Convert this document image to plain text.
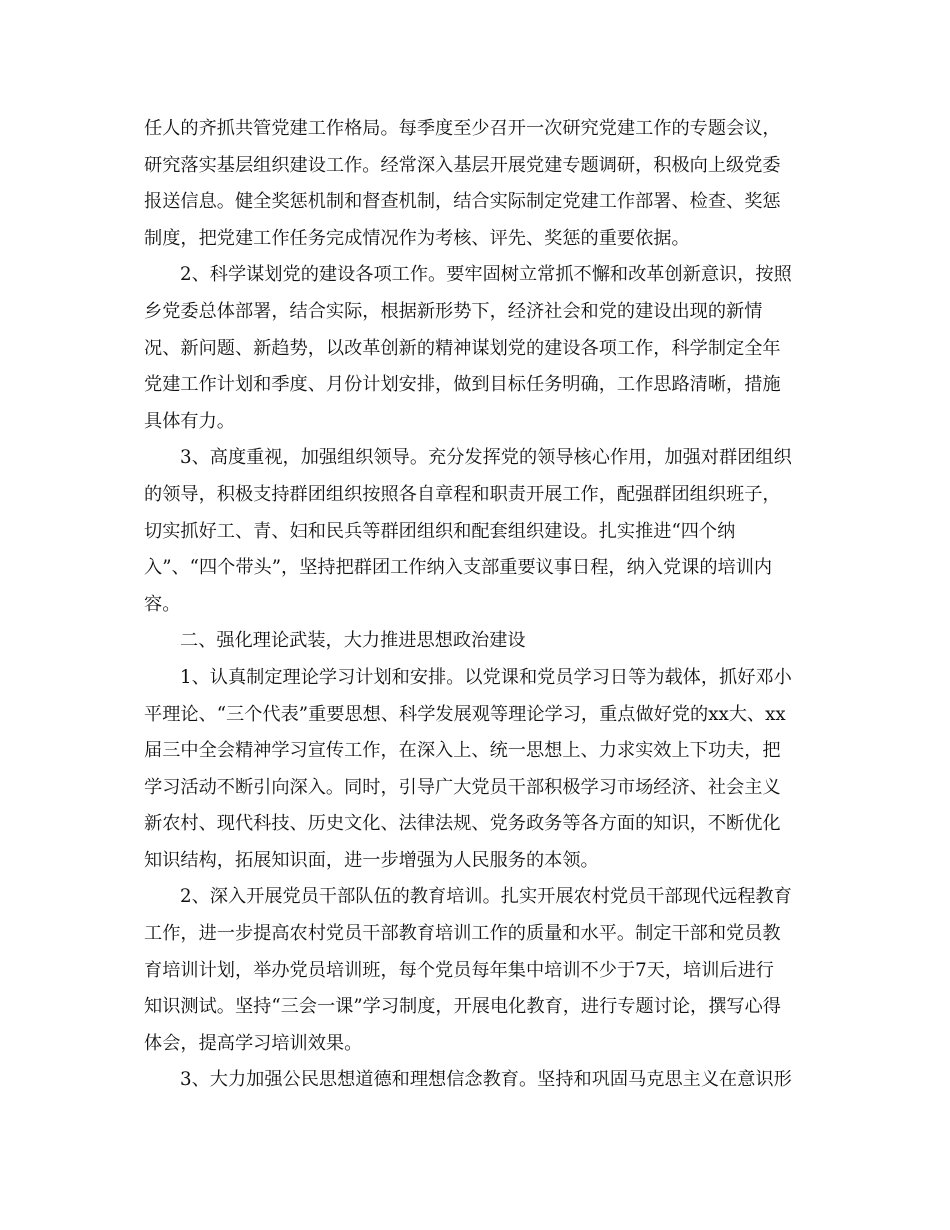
任人的齐抓共管党建工作格局。每季度至少召开一次研究党建工作的专题会议，
研究落实基层组织建设工作。经常深入基层开展党建专题调研，积极向上级党委
报送信息。健全奖惩机制和督查机制，结合实际制定党建工作部署、检查、奖惩
制度，把党建工作任务完成情况作为考核、评先、奖惩的重要依据。
2、科学谋划党的建设各项工作。要牢固树立常抓不懈和改革创新意识，按照
乡党委总体部署，结合实际，根据新形势下，经济社会和党的建设出现的新情
况、新问题、新趋势，以改革创新的精神谋划党的建设各项工作，科学制定全年
党建工作计划和季度、月份计划安排，做到目标任务明确，工作思路清晰，措施
具体有力。
3、高度重视，加强组织领导。充分发挥党的领导核心作用，加强对群团组织
的领导，积极支持群团组织按照各自章程和职责开展工作，配强群团组织班子，
切实抓好工、青、妇和民兵等群团组织和配套组织建设。扎实推进“四个纳
入”、“四个带头”，坚持把群团工作纳入支部重要议事日程，纳入党课的培训内
容。
二、强化理论武装，大力推进思想政治建设
1、认真制定理论学习计划和安排。以党课和党员学习日等为载体，抓好邓小
平理论、“三个代表”重要思想、科学发展观等理论学习，重点做好党的xx大、xx
届三中全会精神学习宣传工作，在深入上、统一思想上、力求实效上下功夫，把
学习活动不断引向深入。同时，引导广大党员干部积极学习市场经济、社会主义
新农村、现代科技、历史文化、法律法规、党务政务等各方面的知识，不断优化
知识结构，拓展知识面，进一步增强为人民服务的本领。
2、深入开展党员干部队伍的教育培训。扎实开展农村党员干部现代远程教育
工作，进一步提高农村党员干部教育培训工作的质量和水平。制定干部和党员教
育培训计划，举办党员培训班，每个党员每年集中培训不少于7天，培训后进行
知识测试。坚持“三会一课”学习制度，开展电化教育，进行专题讨论，撰写心得
体会，提高学习培训效果。
3、大力加强公民思想道德和理想信念教育。坚持和巩固马克思主义在意识形
